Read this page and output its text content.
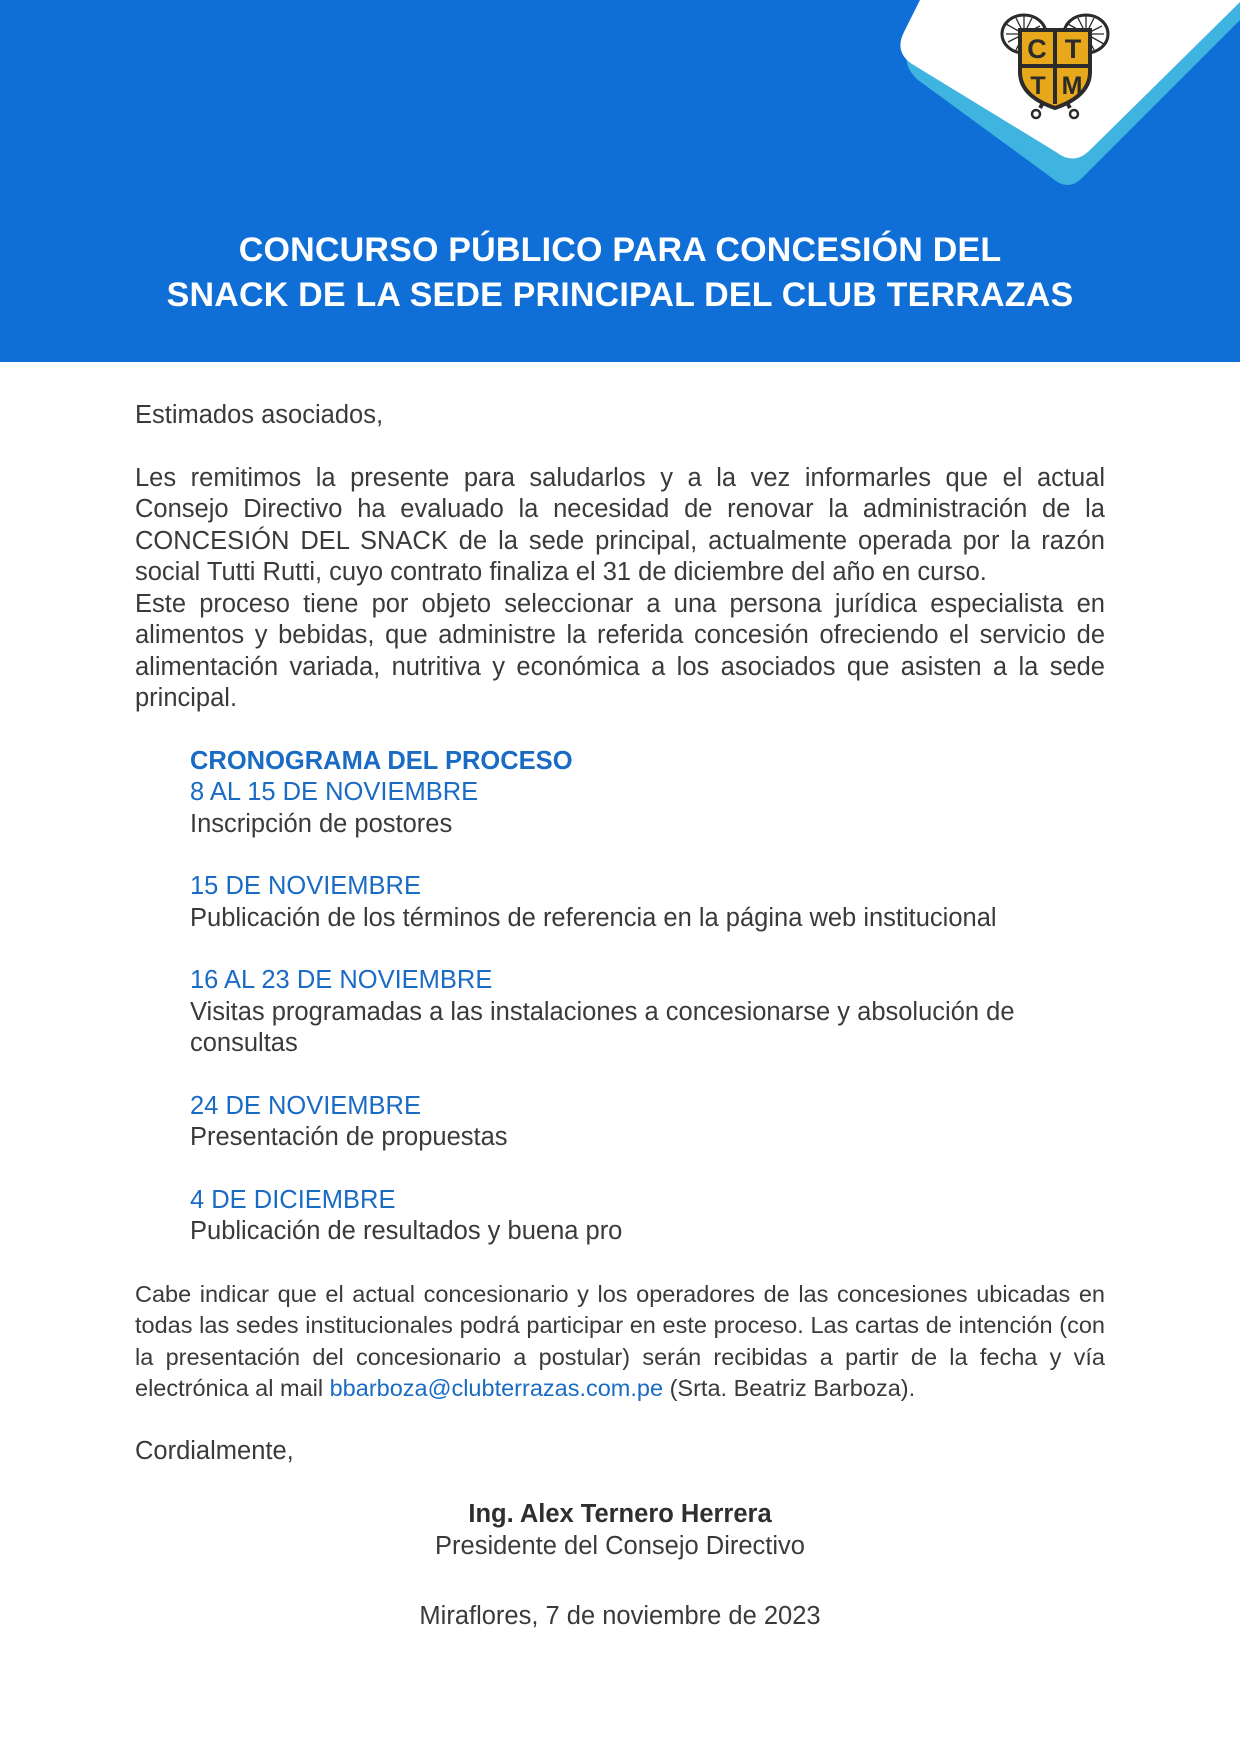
C T
T M
CONCURSO PÚBLICO PARA CONCESIÓN DEL
SNACK DE LA SEDE PRINCIPAL DEL CLUB TERRAZAS

Estimados asociados,

Les remitimos la presente para saludarlos y a la vez informarles que el actual Consejo Directivo ha evaluado la necesidad de renovar la administración de la CONCESIÓN DEL SNACK de la sede principal, actualmente operada por la razón social Tutti Rutti, cuyo contrato finaliza el 31 de diciembre del año en curso.

Este proceso tiene por objeto seleccionar a una persona jurídica especialista en alimentos y bebidas, que administre la referida concesión ofreciendo el servicio de alimentación variada, nutritiva y económica a los asociados que asisten a la sede principal.

CRONOGRAMA DEL PROCESO
8 AL 15 DE NOVIEMBRE
Inscripción de postores
15 DE NOVIEMBRE
Publicación de los términos de referencia en la página web institucional
16 AL 23 DE NOVIEMBRE
Visitas programadas a las instalaciones a concesionarse y absolución de consultas
24 DE NOVIEMBRE
Presentación de propuestas
4 DE DICIEMBRE
Publicación de resultados y buena pro

Cabe indicar que el actual concesionario y los operadores de las concesiones ubicadas en todas las sedes institucionales podrá participar en este proceso. Las cartas de intención (con la presentación del concesionario a postular) serán recibidas a partir de la fecha y vía electrónica al mail bbarboza@clubterrazas.com.pe (Srta. Beatriz Barboza).

Cordialmente,

Ing. Alex Ternero Herrera
Presidente del Consejo Directivo
Miraflores, 7 de noviembre de 2023
